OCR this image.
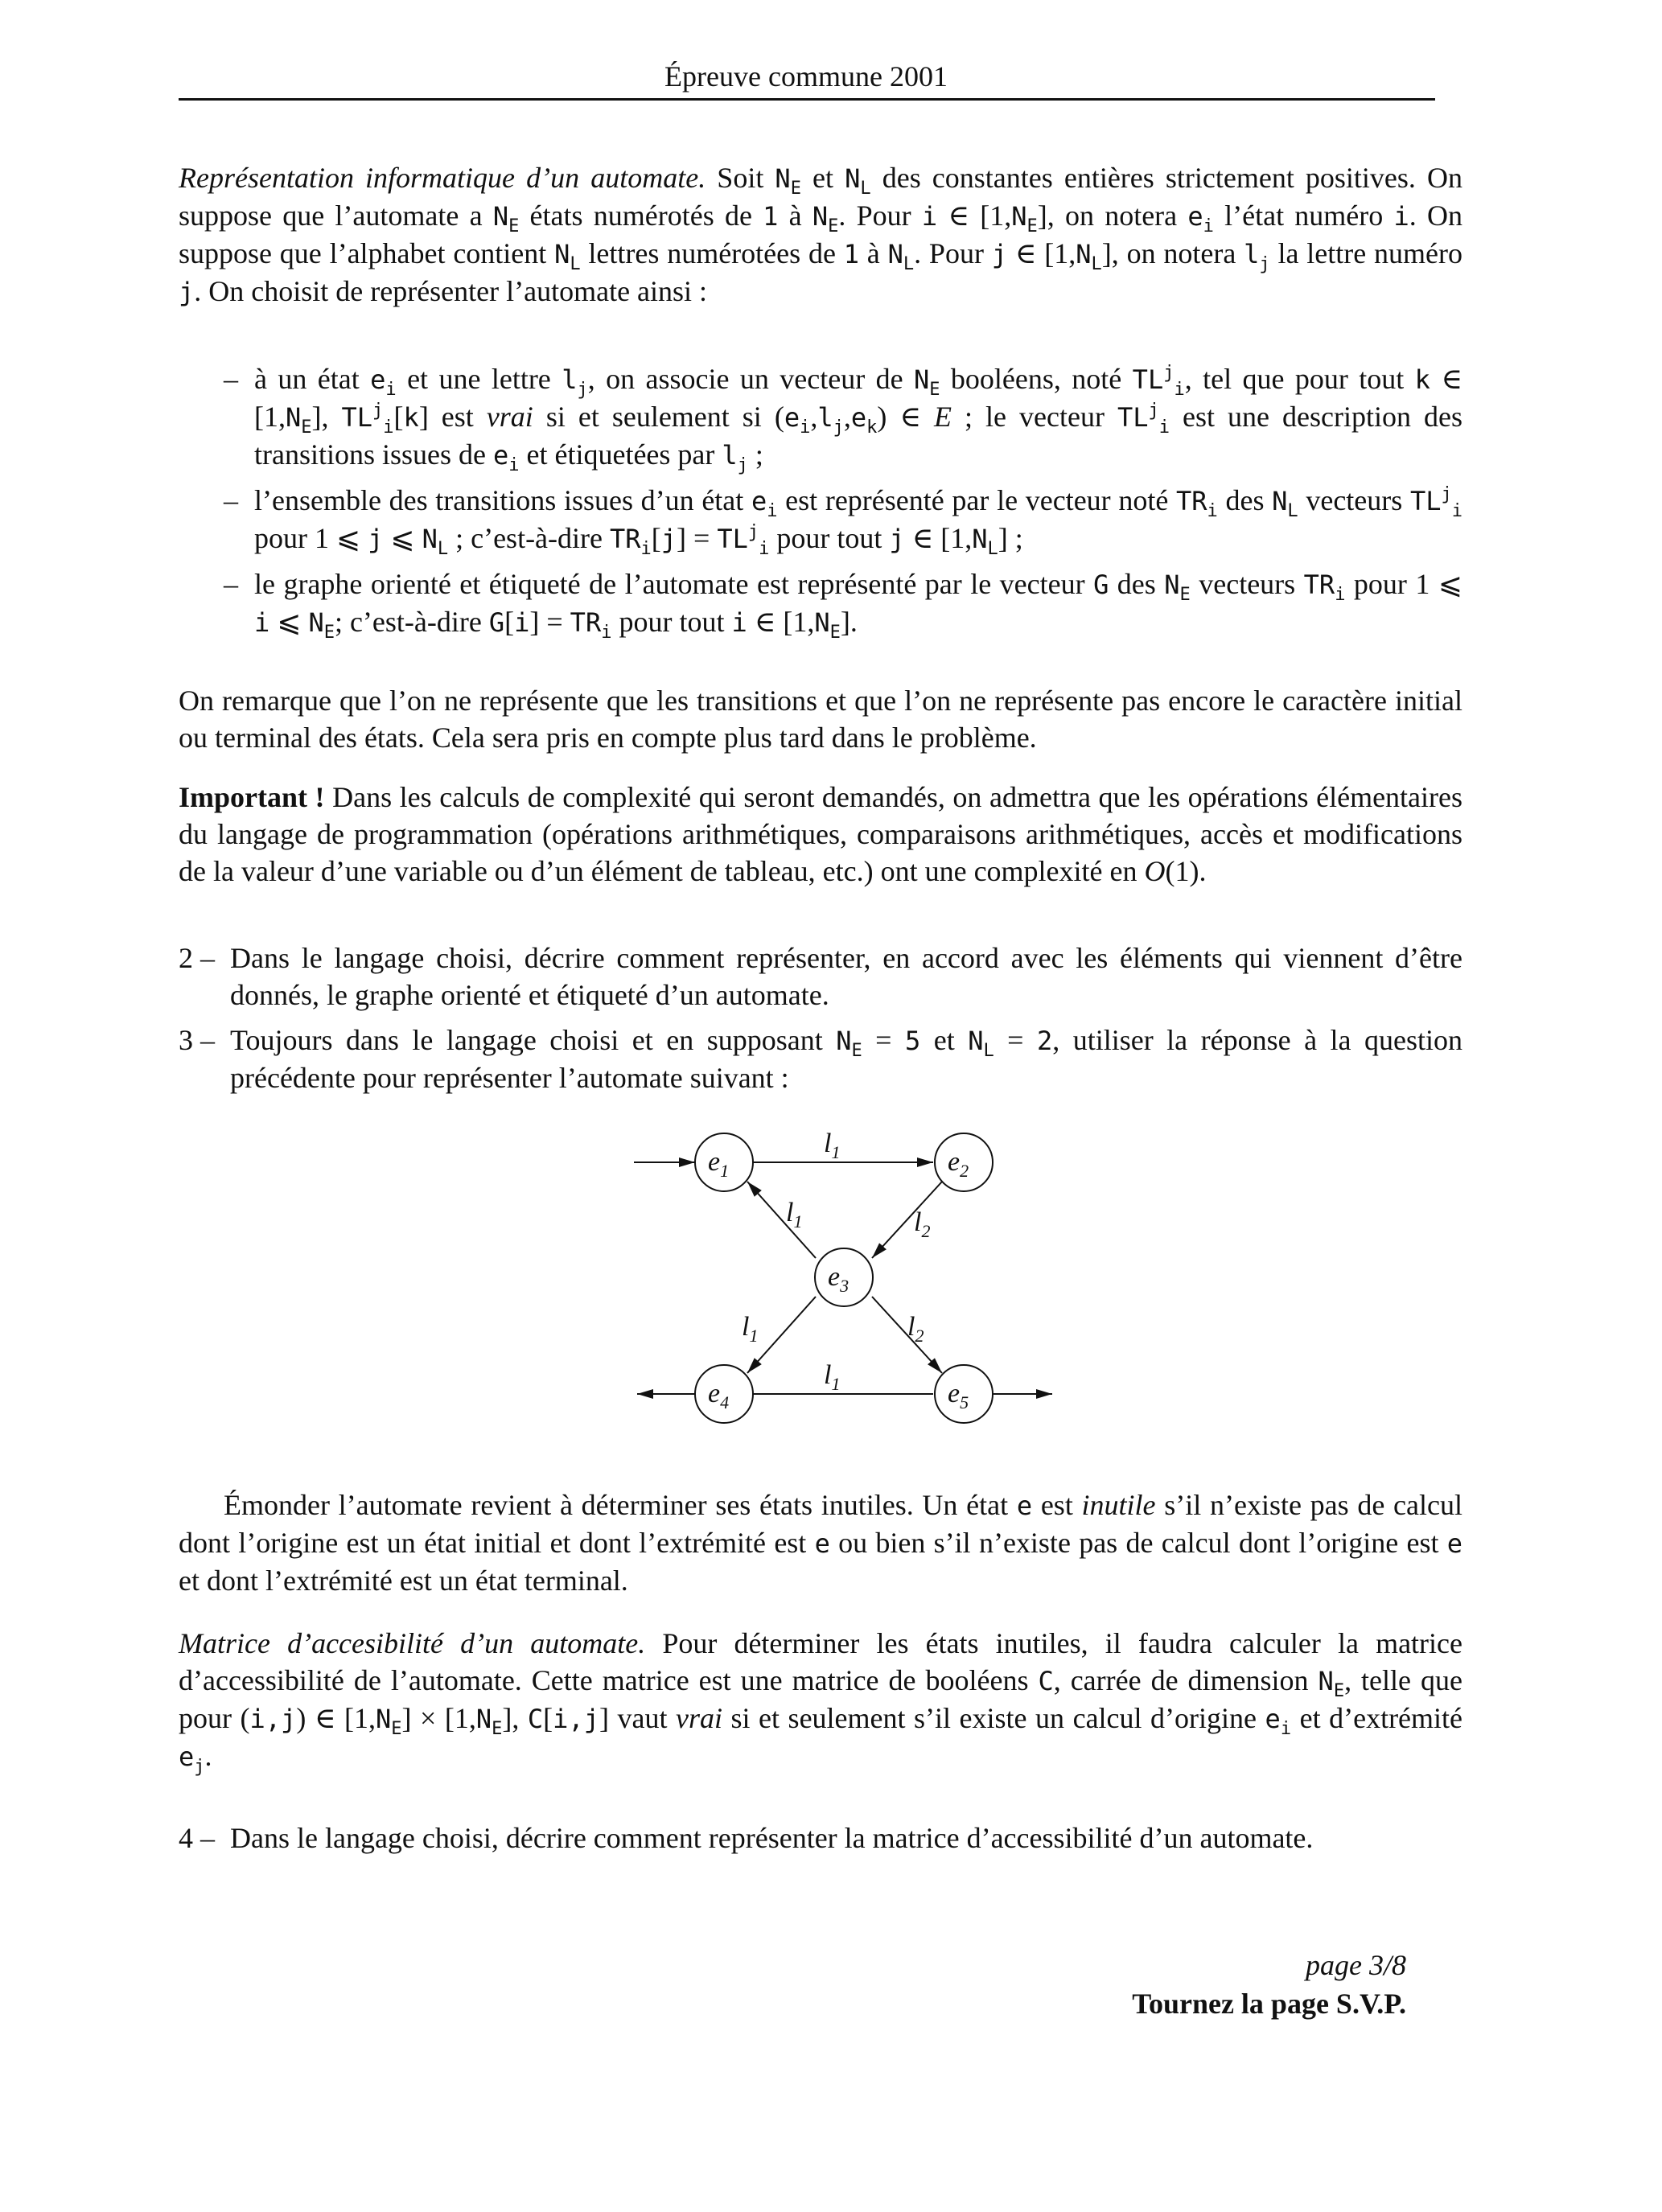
Épreuve commune 2001
Représentation informatique d’un automate. Soit $N_E$ et $N_L$ des constantes entières strictement positives. On suppose que l’automate a $N_E$ états numérotés de 1 à $N_E$. Pour i ∈ $[1,N_E]$, on notera $e_i$ l’état numéro i. On suppose que l’alphabet contient $N_L$ lettres numérotées de 1 à $N_L$. Pour j ∈ $[1,N_L]$, on notera $l_j$ la lettre numéro j. On choisit de représenter l’automate ainsi :
– à un état $e_i$ et une lettre $l_j$, on associe un vecteur de $N_E$ booléens, noté $TL^j_i$, tel que pour tout k ∈ $[1,N_E]$, $TL^j_i[k]$ est vrai si et seulement si $(e_i,l_j,e_k)$ ∈ E ; le vecteur $TL^j_i$ est une description des transitions issues de $e_i$ et étiquetées par $l_j$ ;
– l’ensemble des transitions issues d’un état $e_i$ est représenté par le vecteur noté $TR_i$ des $N_L$ vecteurs $TL^j_i$ pour 1 ⩽ j ⩽ $N_L$ ; c’est-à-dire $TR_i[j] = TL^j_i$ pour tout j ∈ $[1,N_L]$ ;
– le graphe orienté et étiqueté de l’automate est représenté par le vecteur G des $N_E$ vecteurs $TR_i$ pour 1 ⩽ i ⩽ $N_E$; c’est-à-dire $G[i] = TR_i$ pour tout i ∈ $[1,N_E]$.
On remarque que l’on ne représente que les transitions et que l’on ne représente pas encore le caractère initial ou terminal des états. Cela sera pris en compte plus tard dans le problème.
Important ! Dans les calculs de complexité qui seront demandés, on admettra que les opérations élémentaires du langage de programmation (opérations arithmétiques, comparaisons arithmétiques, accès et modifications de la valeur d’une variable ou d’un élément de tableau, etc.) ont une complexité en O(1).
2 – Dans le langage choisi, décrire comment représenter, en accord avec les éléments qui viennent d’être donnés, le graphe orienté et étiqueté d’un automate.
3 – Toujours dans le langage choisi et en supposant $N_E = 5$ et $N_L = 2$, utiliser la réponse à la question précédente pour représenter l’automate suivant :
$e_1$	$e_2$
$e_3$
$e_4$	$e_5$
$l_1$
$l_1$	$l_2$
$l_1$	$l_2$
$l_1$
Émonder l’automate revient à déterminer ses états inutiles. Un état e est inutile s’il n’existe pas de calcul dont l’origine est un état initial et dont l’extrémité est e ou bien s’il n’existe pas de calcul dont l’origine est e et dont l’extrémité est un état terminal.
Matrice d’accesibilité d’un automate. Pour déterminer les états inutiles, il faudra calculer la matrice d’accessibilité de l’automate. Cette matrice est une matrice de booléens C, carrée de dimension $N_E$, telle que pour (i,j) ∈ $[1,N_E] \times [1,N_E]$, C[i,j] vaut vrai si et seulement s’il existe un calcul d’origine $e_i$ et d’extrémité $e_j$.
4 – Dans le langage choisi, décrire comment représenter la matrice d’accessibilité d’un automate.
page 3/8
Tournez la page S.V.P.
